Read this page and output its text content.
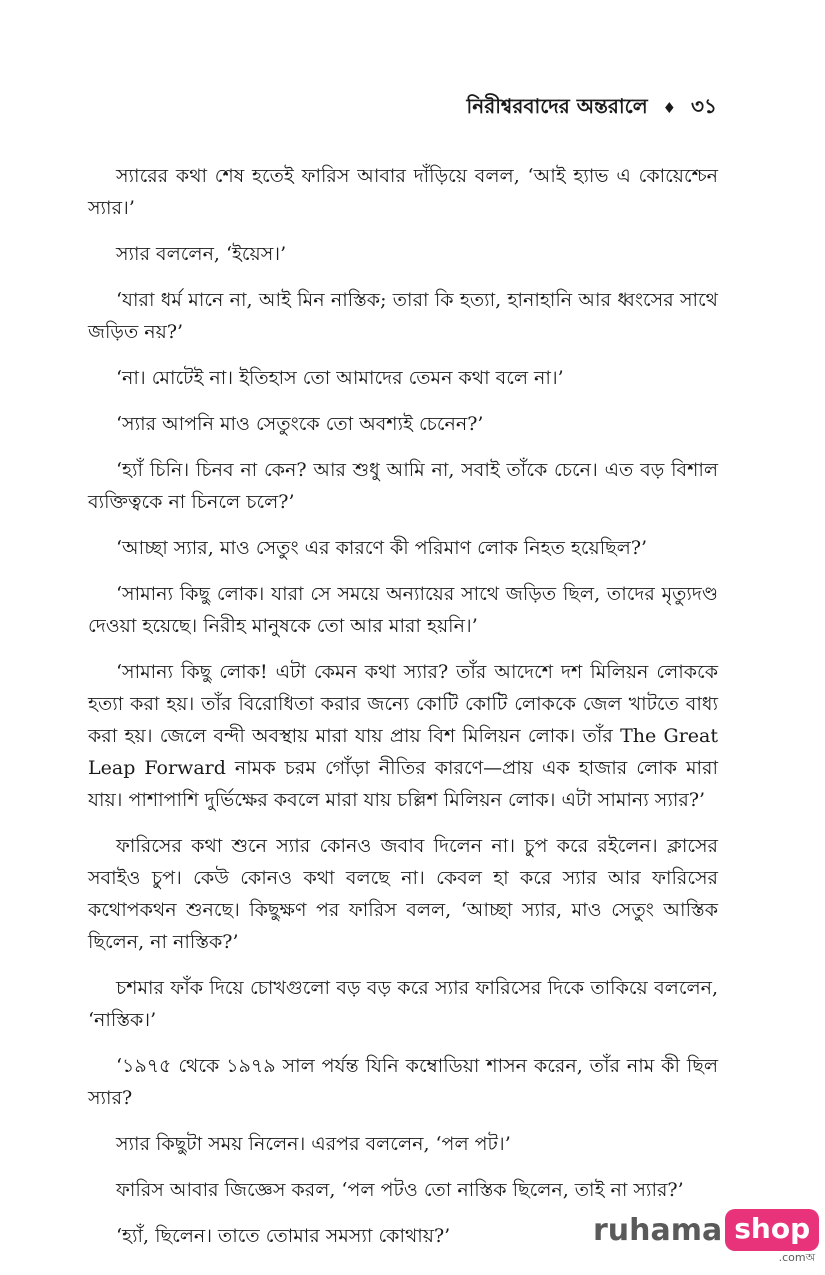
নিরীশ্বরবাদের অন্তরালে ♦ ৩১

স্যারের কথা শেষ হতেই ফারিস আবার দাঁড়িয়ে বলল, ‘আই হ্যাভ এ কোয়েশ্চেন স্যার।’

স্যার বললেন, ‘ইয়েস।’

‘যারা ধর্ম মানে না, আই মিন নাস্তিক; তারা কি হত্যা, হানাহানি আর ধ্বংসের সাথে জড়িত নয়?’

‘না। মোটেই না। ইতিহাস তো আমাদের তেমন কথা বলে না।’

‘স্যার আপনি মাও সেতুংকে তো অবশ্যই চেনেন?’

‘হ্যাঁ চিনি। চিনব না কেন? আর শুধু আমি না, সবাই তাঁকে চেনে। এত বড় বিশাল ব্যক্তিত্বকে না চিনলে চলে?’

‘আচ্ছা স্যার, মাও সেতুং এর কারণে কী পরিমাণ লোক নিহত হয়েছিল?’

‘সামান্য কিছু লোক। যারা সে সময়ে অন্যায়ের সাথে জড়িত ছিল, তাদের মৃত্যুদণ্ড দেওয়া হয়েছে। নিরীহ মানুষকে তো আর মারা হয়নি।’

‘সামান্য কিছু লোক! এটা কেমন কথা স্যার? তাঁর আদেশে দশ মিলিয়ন লোককে হত্যা করা হয়। তাঁর বিরোধিতা করার জন্যে কোটি কোটি লোককে জেল খাটতে বাধ্য করা হয়। জেলে বন্দী অবস্থায় মারা যায় প্রায় বিশ মিলিয়ন লোক। তাঁর The Great Leap Forward নামক চরম গোঁড়া নীতির কারণে—প্রায় এক হাজার লোক মারা যায়। পাশাপাশি দুর্ভিক্ষের কবলে মারা যায় চল্লিশ মিলিয়ন লোক। এটা সামান্য স্যার?’

ফারিসের কথা শুনে স্যার কোনও জবাব দিলেন না। চুপ করে রইলেন। ক্লাসের সবাইও চুপ। কেউ কোনও কথা বলছে না। কেবল হা করে স্যার আর ফারিসের কথোপকথন শুনছে। কিছুক্ষণ পর ফারিস বলল, ‘আচ্ছা স্যার, মাও সেতুং আস্তিক ছিলেন, না নাস্তিক?’

চশমার ফাঁক দিয়ে চোখগুলো বড় বড় করে স্যার ফারিসের দিকে তাকিয়ে বললেন, ‘নাস্তিক।’

‘১৯৭৫ থেকে ১৯৭৯ সাল পর্যন্ত যিনি কম্বোডিয়া শাসন করেন, তাঁর নাম কী ছিল স্যার?

স্যার কিছুটা সময় নিলেন। এরপর বললেন, ‘পল পট।’

ফারিস আবার জিজ্ঞেস করল, ‘পল পটও তো নাস্তিক ছিলেন, তাই না স্যার?’

‘হ্যাঁ, ছিলেন। তাতে তোমার সমস্যা কোথায়?’	ruhama shop
.comঅ
